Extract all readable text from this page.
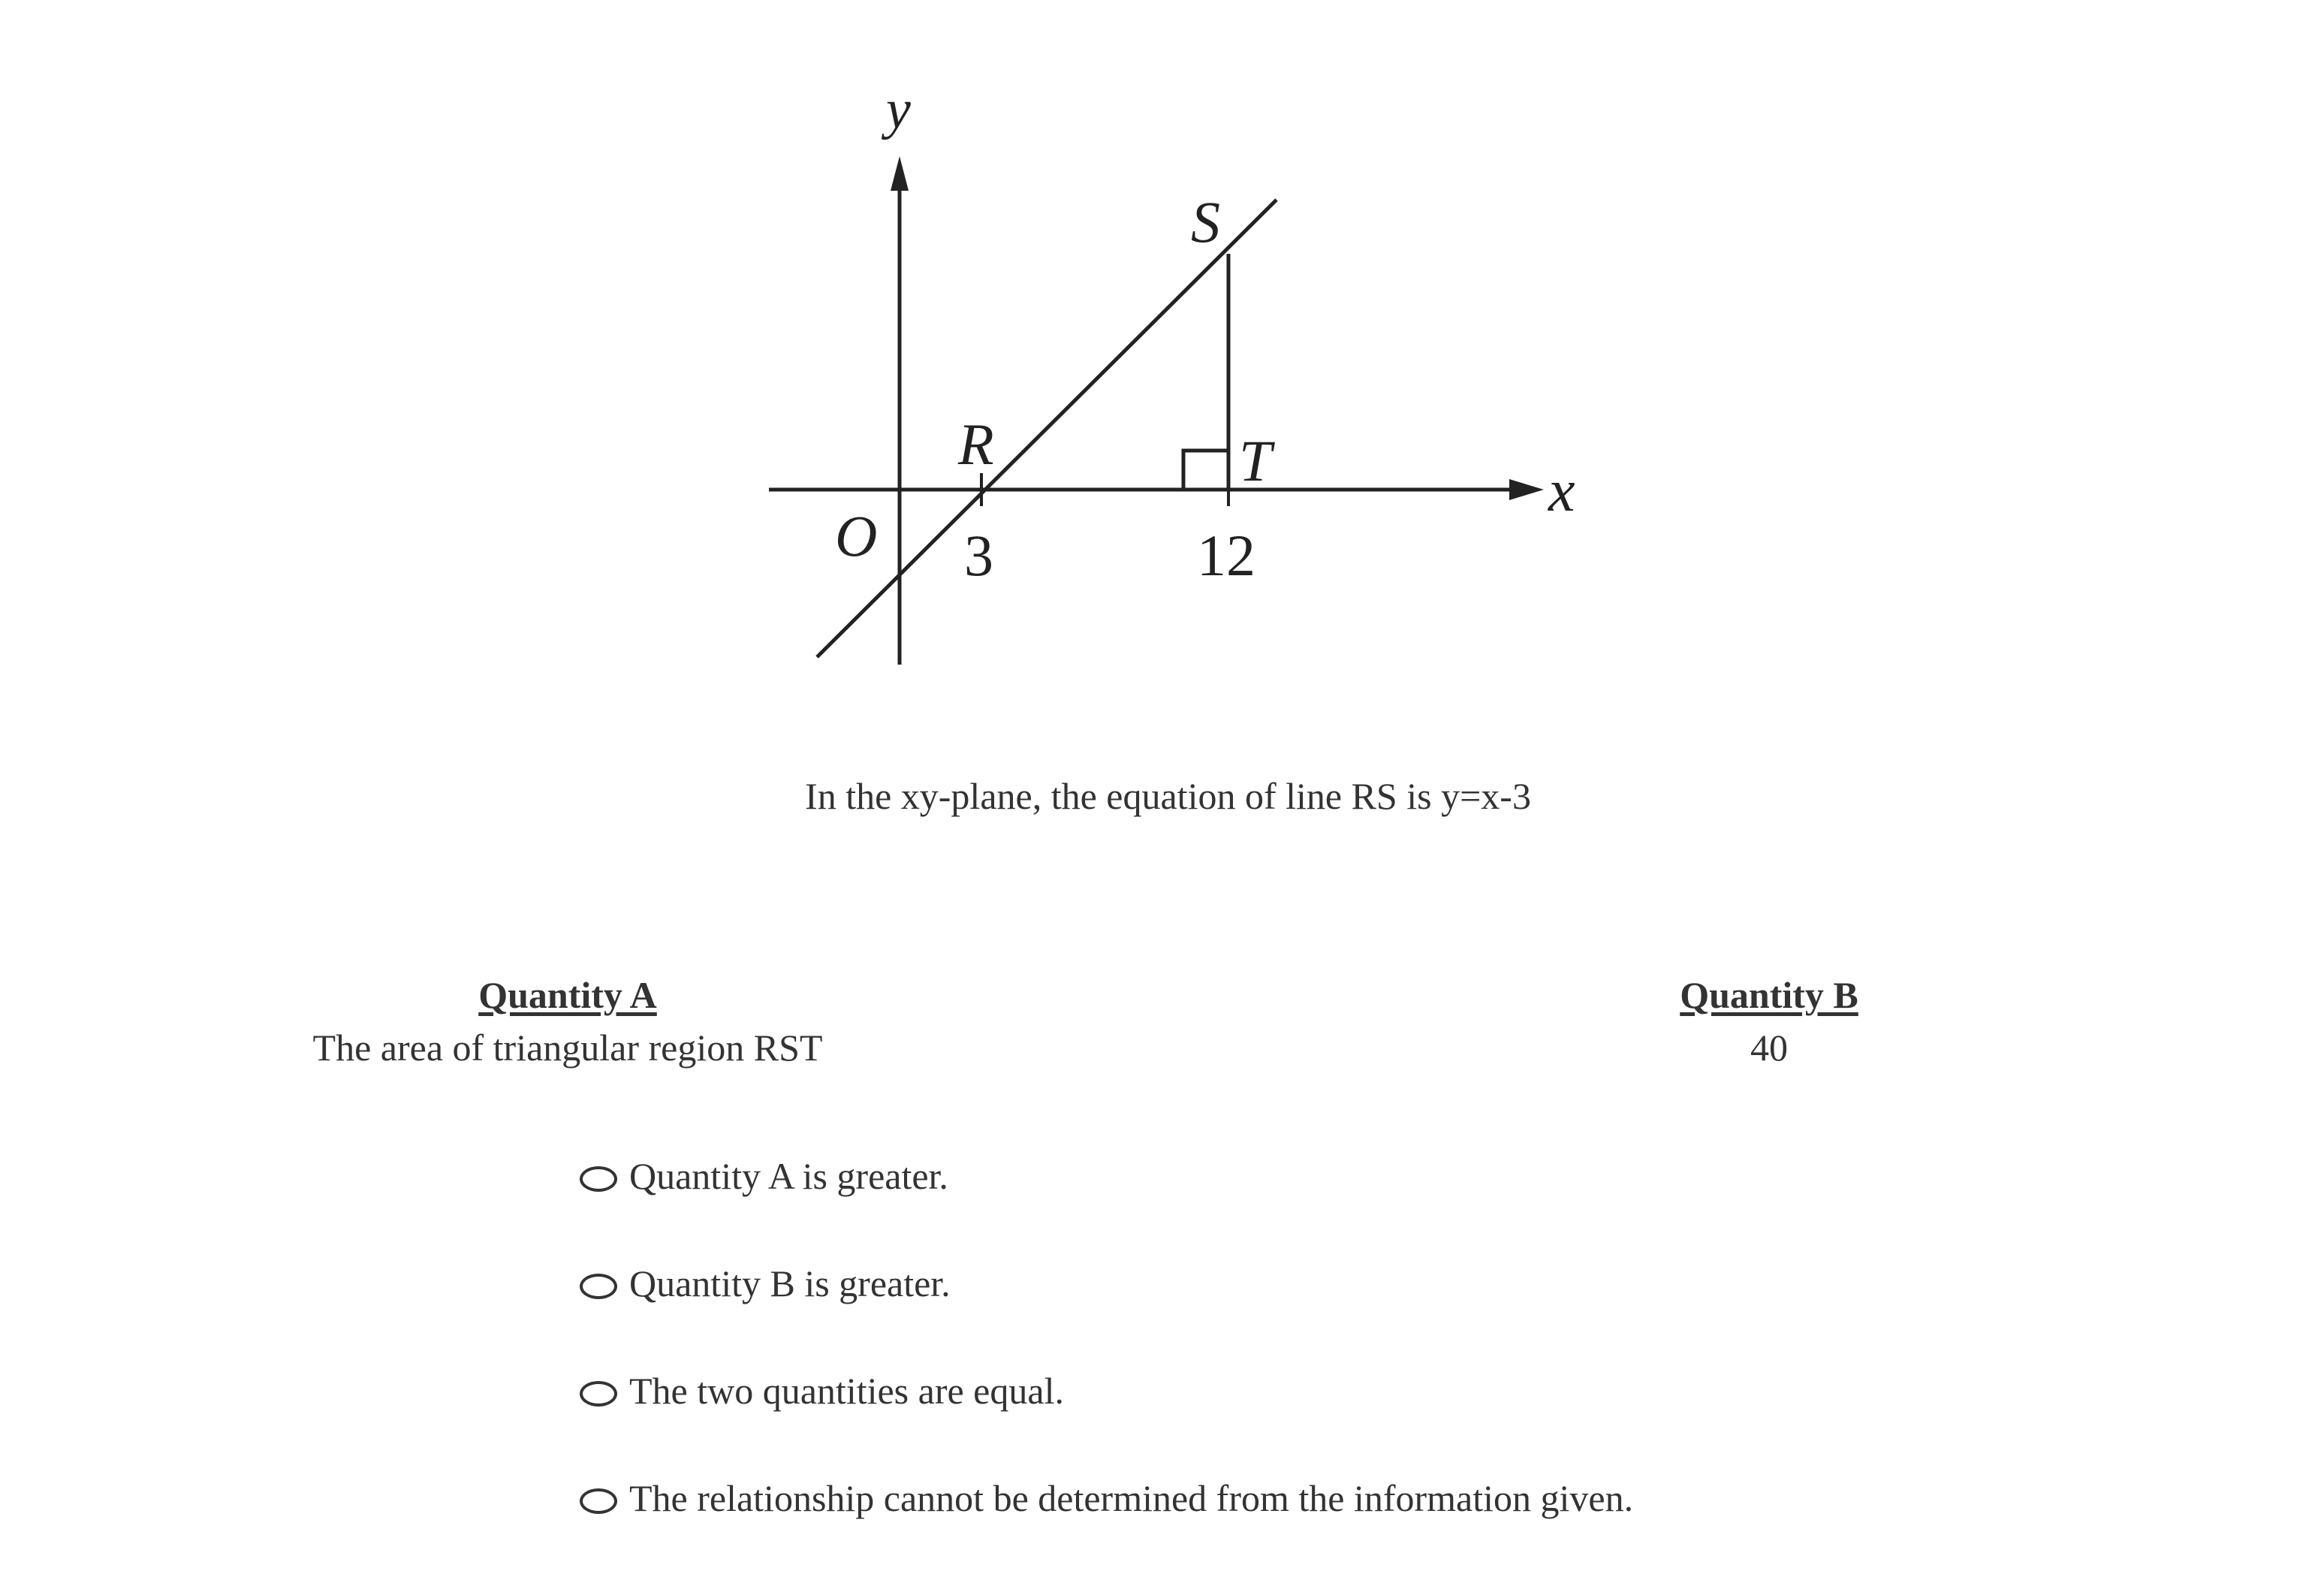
y
x
O
R
S
T
3	12
In the xy-plane, the equation of line RS is y=x-3
Quantity A
The area of triangular region RST
Quantity B
40
Quantity A is greater.
Quantity B is greater.
The two quantities are equal.
The relationship cannot be determined from the information given.
